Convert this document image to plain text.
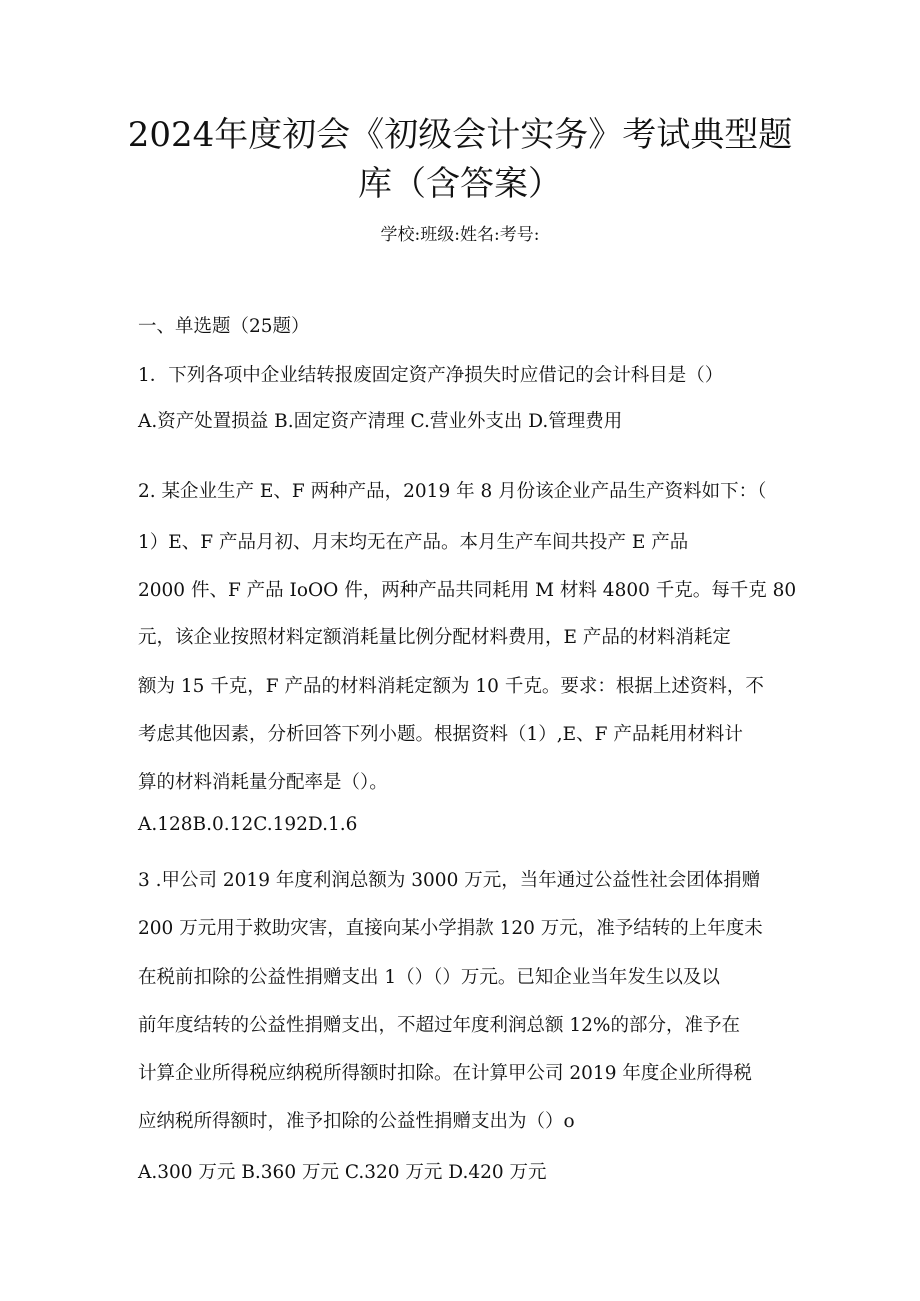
2024年度初会《初级会计实务》考试典型题
库（含答案）
学校:班级:姓名:考号:
一、单选题（25题）
1．下列各项中企业结转报废固定资产净损失时应借记的会计科目是（）
A.资产处置损益 B.固定资产清理 C.营业外支出 D.管理费用
2. 某企业生产 E、F 两种产品，2019 年 8 月份该企业产品生产资料如下：（
1）E、F 产品月初、月末均无在产品。本月生产车间共投产 E 产品
2000 件、F 产品 IoOO 件，两种产品共同耗用 M 材料 4800 千克。每千克 80
元，该企业按照材料定额消耗量比例分配材料费用，E 产品的材料消耗定
额为 15 千克，F 产品的材料消耗定额为 10 千克。要求：根据上述资料，不
考虑其他因素，分析回答下列小题。根据资料（1）,E、F 产品耗用材料计
算的材料消耗量分配率是（）。
A.128B.0.12C.192D.1.6
3 .甲公司 2019 年度利润总额为 3000 万元，当年通过公益性社会团体捐赠
200 万元用于救助灾害，直接向某小学捐款 120 万元，准予结转的上年度未
在税前扣除的公益性捐赠支出 1（）（）万元。已知企业当年发生以及以
前年度结转的公益性捐赠支出，不超过年度利润总额 12%的部分，准予在
计算企业所得税应纳税所得额时扣除。在计算甲公司 2019 年度企业所得税
应纳税所得额时，准予扣除的公益性捐赠支出为（）o
A.300 万元 B.360 万元 C.320 万元 D.420 万元
